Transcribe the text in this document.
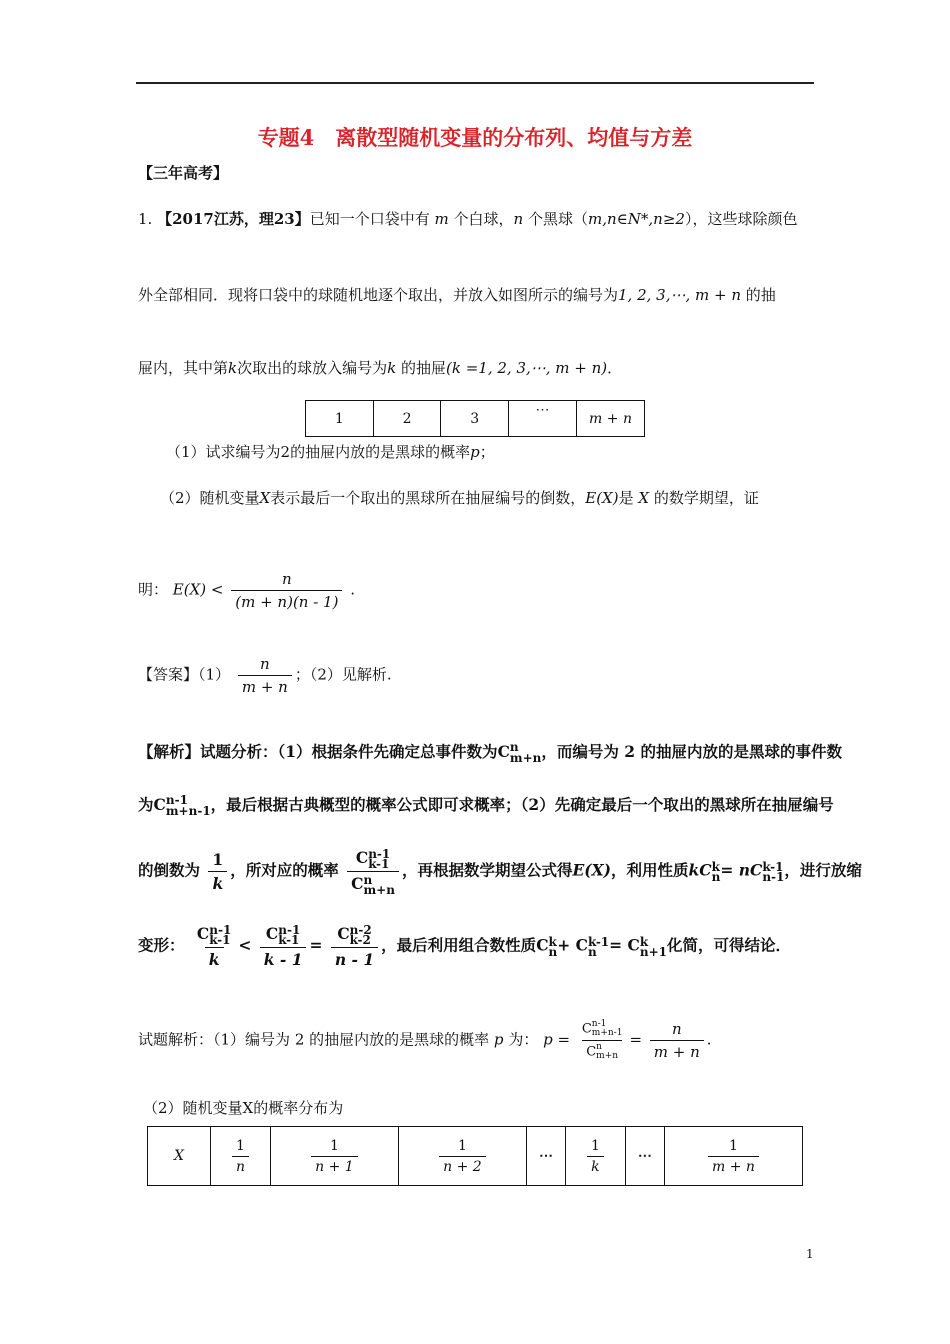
专题4　离散型随机变量的分布列、均值与方差
【三年高考】
1. 【2017江苏，理23】已知一个口袋中有 m 个白球，n 个黑球（m,n∈N*,n≥2），这些球除颜色
外全部相同．现将口袋中的球随机地逐个取出，并放入如图所示的编号为1, 2, 3,⋯, m + n 的抽
屉内，其中第k次取出的球放入编号为k 的抽屉(k =1, 2, 3,⋯, m + n)．
1	2	3	⋯	m + n
（1）试求编号为2的抽屉内放的是黑球的概率p；
（2）随机变量X表示最后一个取出的黑球所在抽屉编号的倒数，E(X)是 X 的数学期望，证
明： $E(X) < \frac{n}{(m + n)(n - 1)}$ .
【答案】$(1) \frac{n}{m + n}$ ；（2）见解析.
【解析】试题分析：（1）根据条件先确定总事件数为C n
m+n ，而编号为 2 的抽屉内放的是黑球的事件数
为C n-1
m+n-1 ，最后根据古典概型的概率公式即可求概率；（2）先确定最后一个取出的黑球所在抽屉编号
的倒数为 $\frac{1}{k}$ ，所对应的概率 C n-1
k-1
C n
m+n ，再根据数学期望公式得E(X)，利用性质kC k
n = nC k-1
n-1 ，进行放缩
变形： C n-1
k-1
k < C n-1
k-1
k - 1 = C n-2
k-2
n - 1 ，最后利用组合数性质C k
n + C k-1
n = C k
n+1 化简，可得结论．
试题解析：（1）编号为 2 的抽屉内放的是黑球的概率 p 为： p = C n-1
m+n-1
C n
$m+n = \frac{n}{m + n}$ .
（2）随机变量X的概率分布为
X	$\frac{1}{n}$	$\frac{1}{n + 1}$	$\frac{1}{n + 2}$	⋯	$\frac{1}{k}$	⋯	$\frac{1}{m + n}$
1
